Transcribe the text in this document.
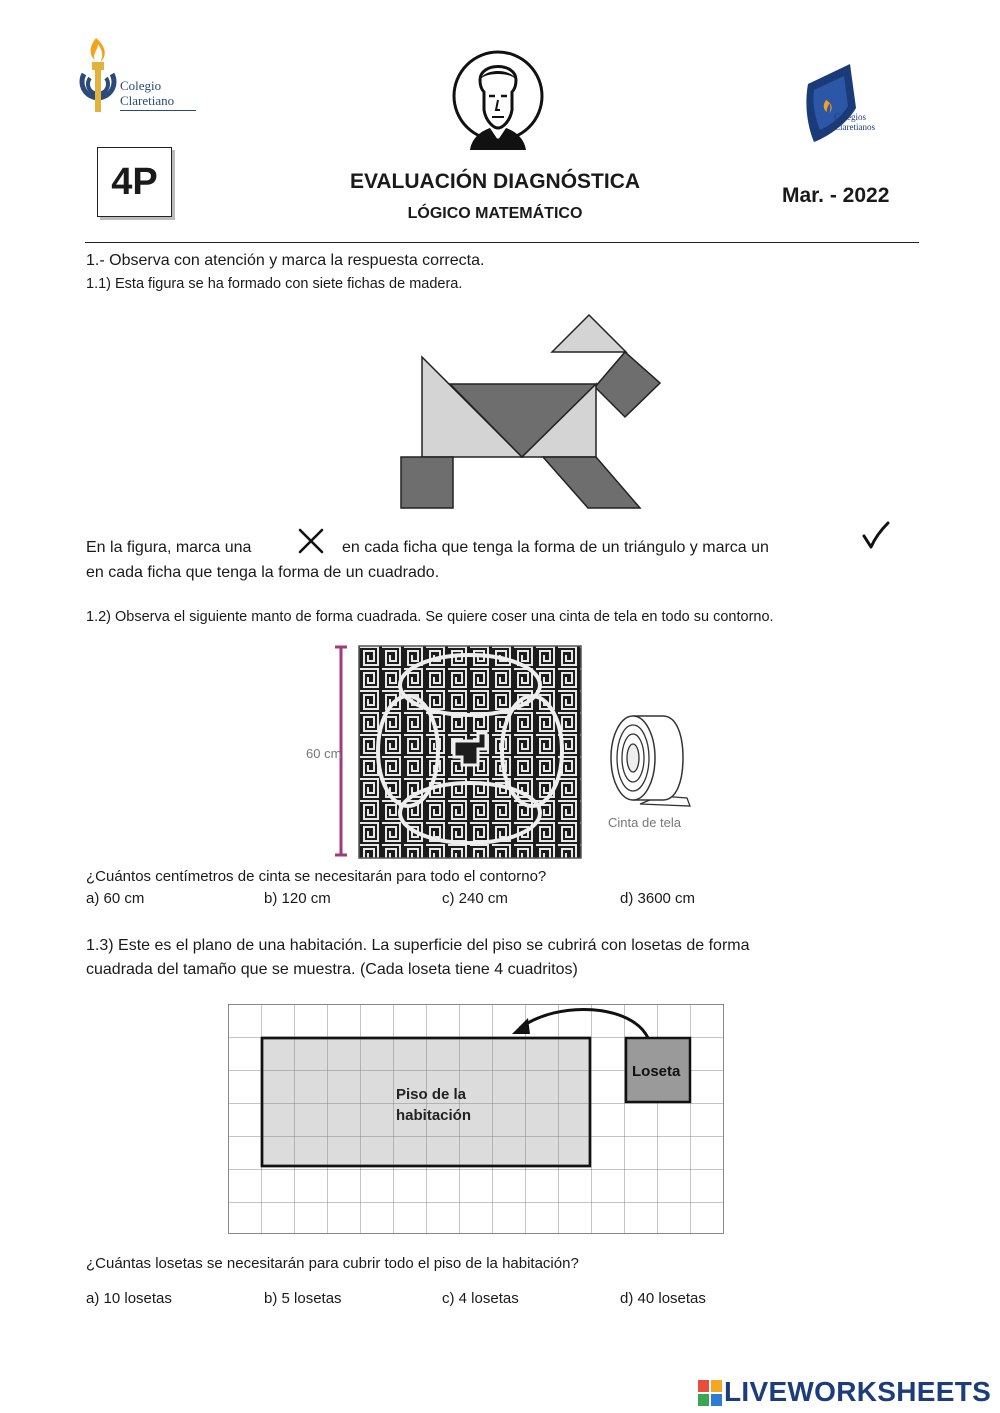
Colegio
Claretiano
Colegios
Claretianos
4P	EVALUACIÓN DIAGNÓSTICA
LÓGICO MATEMÁTICO
Mar. - 2022
1.- Observa con atención y marca la respuesta correcta.
1.1) Esta figura se ha formado con siete fichas de madera.
En la figura, marca una	en cada ficha que tenga la forma de un triángulo y marca un
en cada ficha que tenga la forma de un cuadrado.
1.2) Observa el siguiente manto de forma cuadrada. Se quiere coser una cinta de tela en todo su contorno.
60 cm
Cinta de tela
¿Cuántos centímetros de cinta se necesitarán para todo el contorno?
a) 60 cm	b) 120 cm	c) 240 cm	d) 3600 cm
1.3) Este es el plano de una habitación. La superficie del piso se cubrirá con losetas de forma
cuadrada del tamaño que se muestra. (Cada loseta tiene 4 cuadritos)
Piso de la
habitación
Loseta
¿Cuántas losetas se necesitarán para cubrir todo el piso de la habitación?
a) 10 losetas	b) 5 losetas	c) 4 losetas	d) 40 losetas
LIVEWORKSHEETS
